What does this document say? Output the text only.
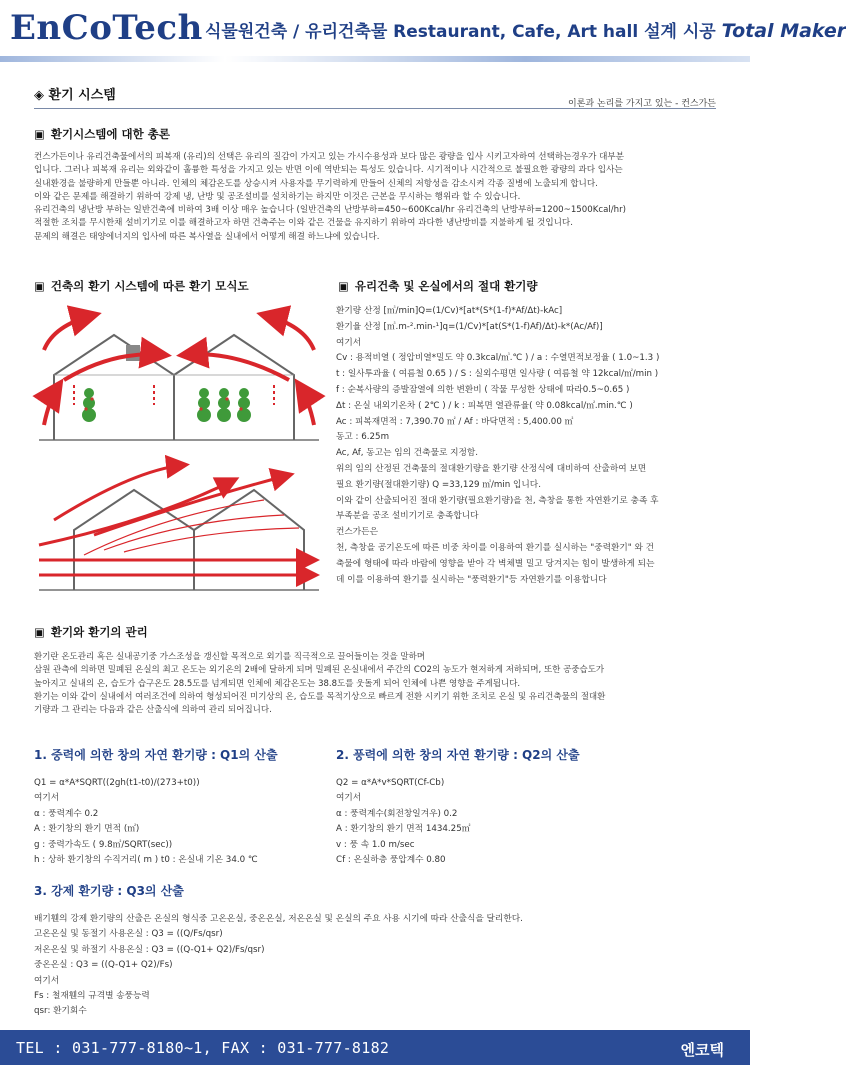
EnCoTech 식물원건축 / 유리건축물 Restaurant, Cafe, Art hall 설계 시공 Total Maker
◈ 환기 시스템
이론과 논리를 가지고 있는 - 컨스가든
▣ 환기시스템에 대한 총론

컨스가든이나 유리건축물에서의 피복재 (유리)의 선택은 유리의 질감이 가지고 있는 가시수용성과 보다 많은 광량을 입사 시키고자하여 선택하는경우가 대부분

입니다. 그러나 피복재 유리는 외와같이 훌륭한 특성을 가지고 있는 반면 이에 역반되는 특성도 있습니다. 시기적이나 시간적으로 불필요한 광량의 과다 입사는

실내환경을 불량하게 만들뿐 아니라. 인체의 체감온도를 상승시켜 사용자를 무기력하게 만들어 신체의 저항성을 감소시켜 각종 질병에 노출되게 합니다.

이와 같은 문제를 해결하기 위하여 강제 냉, 난방 및 공조설비를 설치하기는 하지만 이것은 근본을 무시하는 행위라 할 수 있습니다.

유리건축의 냉난방 부하는 일반건축에 비하여 3배 이상 매우 높습니다 (일반건축의 난방부하=450~600Kcal/hr 유리건축의 난방부하=1200~1500Kcal/hr)

적절한 조치를 무시한채 설비기기로 이를 해결하고자 하면 건축주는 이와 같은 건물을 유지하기 위하여 과다한 냉난방비를 지불하게 될 것입니다.

문제의 해결은 태양에너지의 입사에 따른 복사열을 실내에서 어떻게 해결 하느냐에 있습니다.

▣ 건축의 환기 시스템에 따른 환기 모식도	▣ 유리건축 및 온실에서의 절대 환기량

환기량 산정 [㎥/min]Q=(1/Cv)*[at*(S*(1-f)*Af/Δt)-kAc]

환기율 산정 [㎥.m-².min-¹]q=(1/Cv)*[at(S*(1-f)Af)/Δt)-k*(Ac/Af)]

여기서

Cv : 용적비열 ( 정압비열*밀도 약 0.3kcal/㎥.℃ ) / a : 수열면적보정율 ( 1.0~1.3 )

t : 일사투과율 ( 여름철 0.65 ) / S : 실외수평면 일사량 ( 여름철 약 12kcal/㎡/min )

f : 순복사량의 증발잠열에 의한 변환비 ( 작물 무성한 상태에 따라0.5~0.65 )

Δt : 온실 내외기온차 ( 2℃ ) / k : 피복면 열관류율( 약 0.08kcal/㎡.min.℃ )

Ac : 피복재면적 : 7,390.70 ㎡ / Af : 바닥면적 : 5,400.00 ㎡

동고 : 6.25m

Ac, Af, 동고는 임의 건축물로 지정함.

위의 임의 산정된 건축물의 절대환기량을 환기량 산정식에 대비하여 산출하여 보면

필요 환기량(절대환기량) Q =33,129 ㎥/min 입니다.

이와 같이 산출되어진 절대 환기량(필요환기량)을 천, 측창을 통한 자연환기로 충족 후

부족분을 공조 설비기기로 충족합니다

컨스가든은

천, 측창을 공기온도에 따른 비중 차이를 이용하여 환기를 실시하는 "중력환기" 와 건

축물에 형태에 따라 바람에 영향을 받아 각 벽체별 밀고 당겨지는 힘이 발생하게 되는

데 이를 이용하여 환기를 실시하는 "풍력환기"등 자연환기를 이용합니다

▣ 환기와 환기의 관리

환기란 온도관리 혹은 실내공기중 가스조성을 갱신할 목적으로 외기를 직극적으로 끌어들이는 것을 말하며

삼원 관측에 의하면 밀폐된 온실의 최고 온도는 외기온의 2배에 달하게 되며 밀폐된 온실내에서 주간의 CO2의 농도가 현저하게 저하되며, 또한 공중습도가

높아지고 실내의 온, 습도가 습구온도 28.5도를 넘게되면 인체에 체감온도는 38.8도를 웃돌게 되어 인체에 나쁜 영향을 주게됩니다.

환기는 이와 같이 실내에서 여러조건에 의하여 형성되어진 미기상의 온, 습도를 목적기상으로 빠르게 전환 시키기 위한 조치로 온실 및 유리건축물의 절대환

기량과 그 관리는 다음과 같은 산출식에 의하여 관리 되어집니다.

1. 중력에 의한 창의 자연 환기량 : Q1의 산출

Q1 = α*A*SQRT((2gh(t1-t0)/(273+t0))

여기서

α : 풍력계수 0.2

A : 환기창의 환기 면적 (㎡)

g : 중력가속도 ( 9.8㎡/SQRT(sec))

h : 상하 환기창의 수직거리( m ) t0 : 온실내 기온 34.0 ℃

2. 풍력에 의한 창의 자연 환기량 : Q2의 산출

Q2 = α*A*v*SQRT(Cf-Cb)

여기서

α : 풍력계수(회전창일겨우) 0.2

A : 환기창의 환기 면적 1434.25㎡

v : 풍 속 1.0 m/sec

Cf : 온실하층 풍압계수 0.80

3. 강제 환기량 : Q3의 산출

배기휀의 강제 환기량의 산출은 온실의 형식중 고온온실, 중온온실, 저온온실 및 온실의 주요 사용 시기에 따라 산출식을 달리한다.

고온온실 및 동절기 사용온실 : Q3 = ((Q/Fs/qsr)

저온온실 및 하절기 사용온실 : Q3 = ((Q-Q1+ Q2)/Fs/qsr)

중온온실 : Q3 = ((Q-Q1+ Q2)/Fs)

여기서

Fs : 철재휀의 규격별 송풍능력

qsr: 환기회수

TEL : 031-777-8180~1, FAX : 031-777-8182	엔코텍
